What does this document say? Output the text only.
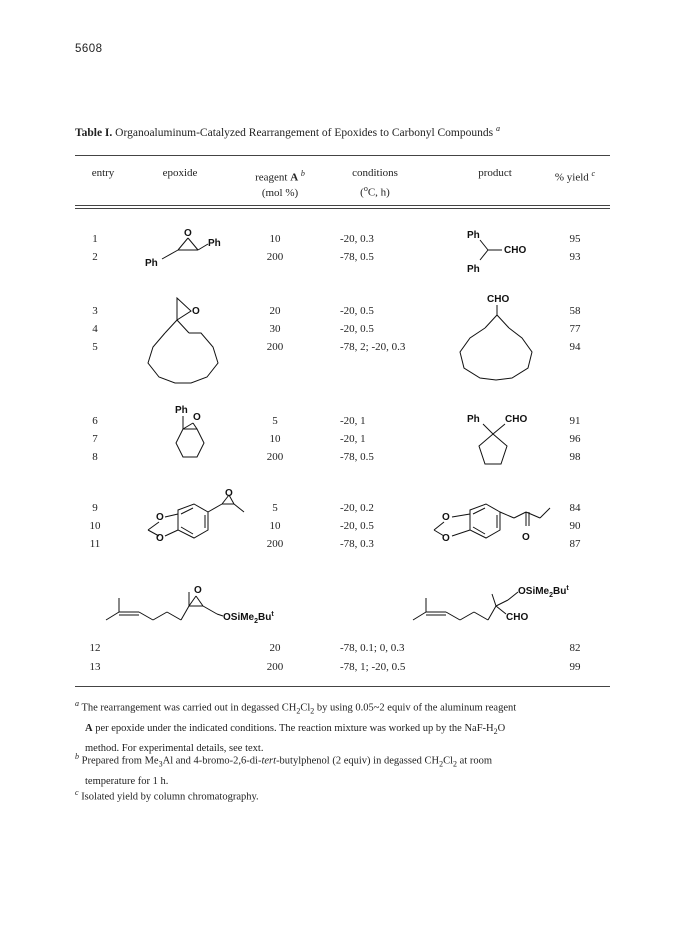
5608
Table I. Organoaluminum-Catalyzed Rearrangement of Epoxides to Carbonyl Compounds $^a$
entry	epoxide	reagent A $^b$
(mol %)
conditions
($^o$C, h)
product	% yield $^c$
1	10	-20, 0.3	95
2	200	-78, 0.5	93
3	20	-20, 0.5	58
4	30	-20, 0.5	77
5	200	-78, 2; -20, 0.3	94
6	5	-20, 1	91
7	10	-20, 1	96
8	200	-78, 0.5	98
9	5	-20, 0.2	84
10	10	-20, 0.5	90
11	200	-78, 0.3	87
12	20	-78, 0.1; 0, 0.3	82
13	200	-78, 1; -20, 0.5	99
O
Ph
Ph
Ph
Ph
CHO
O
CHO
Ph
O	Ph	CHO
O
O
O
O
O	O
O
$OSiMe_2Bu^t$
$OSiMe_2Bu^t$
CHO
$^a$ The rearrangement was carried out in degassed $CH_2Cl_2$ by using 0.05~2 equiv of the aluminum reagent
A per epoxide under the indicated conditions. The reaction mixture was worked up by the NaF-$H_2O$
method. For experimental details, see text.
$^b$ Prepared from $Me_3Al$ and 4-bromo-2,6-di-tert-butylphenol (2 equiv) in degassed $CH_2Cl_2$ at room
temperature for 1 h.
$^c$ Isolated yield by column chromatography.
